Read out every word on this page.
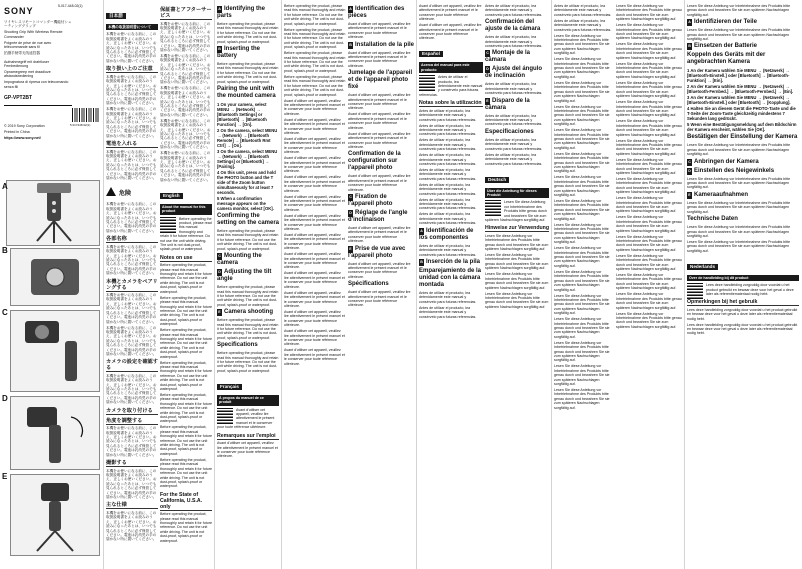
SONY
ワイヤレスリモートコマンダー機能付シューティンググリップ
Shooting Grip With Wireless Remote Commander
Poignée de prise de vue avec télécommande sans fil
拍摄手柄带无线遥控器
Aufnahmegriff mit drahtloser Fernbedienung
Opnamegreep met draadloze afstandsbediening
Impugnatura di ripresa con telecomando senza fili
GP-VPT2BT
© 2019 Sony Corporation
Printed in China
https://www.sony.net/
5-017-448-02(1)
5 017448 02(1)
B
C
D
E
A
日本語
本機の取扱説明書について
本機をお使いになる前に、この取扱説明書をよくお読みのうえ、正しくお使いください。お読みになったあとは、いつでも見られるところに必ず保管してください。電池は乳幼児の手の届かない所に置いてください。
取り扱い上のご注意
本機をお使いになる前に、この取扱説明書をよくお読みのうえ、正しくお使いください。お読みになったあとは、いつでも見られるところに必ず保管してください。電池は乳幼児の手の届かない所に置いてください。
本機をお使いになる前に、この取扱説明書をよくお読みのうえ、正しくお使いください。お読みになったあとは、いつでも見られるところに必ず保管してください。電池は乳幼児の手の届かない所に置いてください。
電池を入れる
本機をお使いになる前に、この取扱説明書をよくお読みのうえ、正しくお使いください。お読みになったあとは、いつでも見られるところに必ず保管してください。電池は乳幼児の手の届かない所に置いてください。
危険
本機をお使いになる前に、この取扱説明書をよくお読みのうえ、正しくお使いください。お読みになったあとは、いつでも見られるところに必ず保管してください。電池は乳幼児の手の届かない所に置いてください。
各部名称
本機をお使いになる前に、この取扱説明書をよくお読みのうえ、正しくお使いください。お読みになったあとは、いつでも見られるところに必ず保管してください。電池は乳幼児の手の届かない所に置いてください。
本機とカメラをペアリングする
本機をお使いになる前に、この取扱説明書をよくお読みのうえ、正しくお使いください。お読みになったあとは、いつでも見られるところに必ず保管してください。電池は乳幼児の手の届かない所に置いてください。
本機をお使いになる前に、この取扱説明書をよくお読みのうえ、正しくお使いください。お読みになったあとは、いつでも見られるところに必ず保管してください。電池は乳幼児の手の届かない所に置いてください。
カメラの設定を確認する
本機をお使いになる前に、この取扱説明書をよくお読みのうえ、正しくお使いください。お読みになったあとは、いつでも見られるところに必ず保管してください。電池は乳幼児の手の届かない所に置いてください。
カメラを取り付ける
角度を調整する
本機をお使いになる前に、この取扱説明書をよくお読みのうえ、正しくお使いください。お読みになったあとは、いつでも見られるところに必ず保管してください。電池は乳幼児の手の届かない所に置いてください。
撮影する
本機をお使いになる前に、この取扱説明書をよくお読みのうえ、正しくお使いください。お読みになったあとは、いつでも見られるところに必ず保管してください。電池は乳幼児の手の届かない所に置いてください。
主な仕様
本機をお使いになる前に、この取扱説明書をよくお読みのうえ、正しくお使いください。お読みになったあとは、いつでも見られるところに必ず保管してください。電池は乳幼児の手の届かない所に置いてください。
保証書とアフターサービス
本機をお使いになる前に、この取扱説明書をよくお読みのうえ、正しくお使いください。お読みになったあとは、いつでも見られるところに必ず保管してください。電池は乳幼児の手の届かない所に置いてください。
本機をお使いになる前に、この取扱説明書をよくお読みのうえ、正しくお使いください。お読みになったあとは、いつでも見られるところに必ず保管してください。電池は乳幼児の手の届かない所に置いてください。
本機をお使いになる前に、この取扱説明書をよくお読みのうえ、正しくお使いください。お読みになったあとは、いつでも見られるところに必ず保管してください。電池は乳幼児の手の届かない所に置いてください。
本機をお使いになる前に、この取扱説明書をよくお読みのうえ、正しくお使いください。お読みになったあとは、いつでも見られるところに必ず保管してください。電池は乳幼児の手の届かない所に置いてください。
本機をお使いになる前に、この取扱説明書をよくお読みのうえ、正しくお使いください。お読みになったあとは、いつでも見られるところに必ず保管してください。電池は乳幼児の手の届かない所に置いてください。
English
About the manual for this product
Before operating the product, please read this manual thoroughly and retain it for future reference. Do not use the unit while driving. The unit is not dust-proof, splash-proof or waterproof.
Notes on use
Before operating the product, please read this manual thoroughly and retain it for future reference. Do not use the unit while driving. The unit is not dust-proof, splash-proof or waterproof.
Before operating the product, please read this manual thoroughly and retain it for future reference. Do not use the unit while driving. The unit is not dust-proof, splash-proof or waterproof.
Before operating the product, please read this manual thoroughly and retain it for future reference. Do not use the unit while driving. The unit is not dust-proof, splash-proof or waterproof.
Before operating the product, please read this manual thoroughly and retain it for future reference. Do not use the unit while driving. The unit is not dust-proof, splash-proof or waterproof.
Before operating the product, please read this manual thoroughly and retain it for future reference. Do not use the unit while driving. The unit is not dust-proof, splash-proof or waterproof.
Before operating the product, please read this manual thoroughly and retain it for future reference. Do not use the unit while driving. The unit is not dust-proof, splash-proof or waterproof.
Before operating the product, please read this manual thoroughly and retain it for future reference. Do not use the unit while driving. The unit is not dust-proof, splash-proof or waterproof.
For the State of California, U.S.A. only
Before operating the product, please read this manual thoroughly and retain it for future reference. Do not use the unit while driving. The unit is not dust-proof, splash-proof or waterproof.
A Identifying the parts
Before operating the product, please read this manual thoroughly and retain it for future reference. Do not use the unit while driving. The unit is not dust-proof, splash-proof or waterproof.
B Inserting the battery
Before operating the product, please read this manual thoroughly and retain it for future reference. Do not use the unit while driving. The unit is not dust-proof, splash-proof or waterproof.
Pairing the unit with the mounted camera
1 On your camera, select MENU → (Network) → [Bluetooth Settings] or [Bluetooth] → [Bluetooth Function] → [On].
2 On the camera, select MENU → (Network) → [Bluetooth Remote] → [Bluetooth Rmt Ctrl] → [On].
3 On the camera, select MENU → (Network) → [Bluetooth Settings] or [Bluetooth] → [Pairing].
4 On this unit, press and hold the PHOTO button and the T side of the Zoom button simultaneously for at least 7 seconds.
5 When a confirmation message appears on the camera monitor, select [OK].
Confirming the setting on the camera
Before operating the product, please read this manual thoroughly and retain it for future reference. Do not use the unit while driving. The unit is not dust-proof, splash-proof or waterproof.
C Mounting the camera
D Adjusting the tilt angle
Before operating the product, please read this manual thoroughly and retain it for future reference. Do not use the unit while driving. The unit is not dust-proof, splash-proof or waterproof.
E Camera shooting
Before operating the product, please read this manual thoroughly and retain it for future reference. Do not use the unit while driving. The unit is not dust-proof, splash-proof or waterproof.
Specifications
Before operating the product, please read this manual thoroughly and retain it for future reference. Do not use the unit while driving. The unit is not dust-proof, splash-proof or waterproof.
Français
À propos du manuel de ce produit
Avant d'utiliser cet appareil, veuillez lire attentivement le présent manuel et le conserver pour toute référence ultérieure.
Remarques sur l'emploi
Avant d'utiliser cet appareil, veuillez lire attentivement le présent manuel et le conserver pour toute référence ultérieure.
Before operating the product, please read this manual thoroughly and retain it for future reference. Do not use the unit while driving. The unit is not dust-proof, splash-proof or waterproof.
Before operating the product, please read this manual thoroughly and retain it for future reference. Do not use the unit while driving. The unit is not dust-proof, splash-proof or waterproof.
Before operating the product, please read this manual thoroughly and retain it for future reference. Do not use the unit while driving. The unit is not dust-proof, splash-proof or waterproof.
Before operating the product, please read this manual thoroughly and retain it for future reference. Do not use the unit while driving. The unit is not dust-proof, splash-proof or waterproof.
Avant d'utiliser cet appareil, veuillez lire attentivement le présent manuel et le conserver pour toute référence ultérieure.
Avant d'utiliser cet appareil, veuillez lire attentivement le présent manuel et le conserver pour toute référence ultérieure.
Avant d'utiliser cet appareil, veuillez lire attentivement le présent manuel et le conserver pour toute référence ultérieure.
Avant d'utiliser cet appareil, veuillez lire attentivement le présent manuel et le conserver pour toute référence ultérieure.
Avant d'utiliser cet appareil, veuillez lire attentivement le présent manuel et le conserver pour toute référence ultérieure.
Avant d'utiliser cet appareil, veuillez lire attentivement le présent manuel et le conserver pour toute référence ultérieure.
Avant d'utiliser cet appareil, veuillez lire attentivement le présent manuel et le conserver pour toute référence ultérieure.
Avant d'utiliser cet appareil, veuillez lire attentivement le présent manuel et le conserver pour toute référence ultérieure.
Avant d'utiliser cet appareil, veuillez lire attentivement le présent manuel et le conserver pour toute référence ultérieure.
Avant d'utiliser cet appareil, veuillez lire attentivement le présent manuel et le conserver pour toute référence ultérieure.
Avant d'utiliser cet appareil, veuillez lire attentivement le présent manuel et le conserver pour toute référence ultérieure.
Avant d'utiliser cet appareil, veuillez lire attentivement le présent manuel et le conserver pour toute référence ultérieure.
Avant d'utiliser cet appareil, veuillez lire attentivement le présent manuel et le conserver pour toute référence ultérieure.
Avant d'utiliser cet appareil, veuillez lire attentivement le présent manuel et le conserver pour toute référence ultérieure.
A Identification des pièces
Avant d'utiliser cet appareil, veuillez lire attentivement le présent manuel et le conserver pour toute référence ultérieure.
B Installation de la pile
Avant d'utiliser cet appareil, veuillez lire attentivement le présent manuel et le conserver pour toute référence ultérieure.
Jumelage de l'appareil et de l'appareil photo fixé
Avant d'utiliser cet appareil, veuillez lire attentivement le présent manuel et le conserver pour toute référence ultérieure.
Avant d'utiliser cet appareil, veuillez lire attentivement le présent manuel et le conserver pour toute référence ultérieure.
Avant d'utiliser cet appareil, veuillez lire attentivement le présent manuel et le conserver pour toute référence ultérieure.
Confirmation de la configuration sur l'appareil photo
Avant d'utiliser cet appareil, veuillez lire attentivement le présent manuel et le conserver pour toute référence ultérieure.
C Fixation de l'appareil photo
D Réglage de l'angle d'inclinaison
Avant d'utiliser cet appareil, veuillez lire attentivement le présent manuel et le conserver pour toute référence ultérieure.
E Prise de vue avec l'appareil photo
Avant d'utiliser cet appareil, veuillez lire attentivement le présent manuel et le conserver pour toute référence ultérieure.
Spécifications
Avant d'utiliser cet appareil, veuillez lire attentivement le présent manuel et le conserver pour toute référence ultérieure.
Avant d'utiliser cet appareil, veuillez lire attentivement le présent manuel et le conserver pour toute référence ultérieure.
Avant d'utiliser cet appareil, veuillez lire attentivement le présent manuel et le conserver pour toute référence ultérieure.
Español
Acerca del manual para este producto
Antes de utilizar el producto, lea detenidamente este manual y consérvelo para futuras referencias.
Notas sobre la utilización
Antes de utilizar el producto, lea detenidamente este manual y consérvelo para futuras referencias.
Antes de utilizar el producto, lea detenidamente este manual y consérvelo para futuras referencias.
Antes de utilizar el producto, lea detenidamente este manual y consérvelo para futuras referencias.
Antes de utilizar el producto, lea detenidamente este manual y consérvelo para futuras referencias.
Antes de utilizar el producto, lea detenidamente este manual y consérvelo para futuras referencias.
Antes de utilizar el producto, lea detenidamente este manual y consérvelo para futuras referencias.
Antes de utilizar el producto, lea detenidamente este manual y consérvelo para futuras referencias.
Antes de utilizar el producto, lea detenidamente este manual y consérvelo para futuras referencias.
A Identificación de los componentes
Antes de utilizar el producto, lea detenidamente este manual y consérvelo para futuras referencias.
B Inserción de la pila
Emparejamiento de la unidad con la cámara montada
Antes de utilizar el producto, lea detenidamente este manual y consérvelo para futuras referencias.
Antes de utilizar el producto, lea detenidamente este manual y consérvelo para futuras referencias.
Antes de utilizar el producto, lea detenidamente este manual y consérvelo para futuras referencias.
Confirmación del ajuste de la cámara
Antes de utilizar el producto, lea detenidamente este manual y consérvelo para futuras referencias.
C Montaje de la cámara
D Ajuste del ángulo de inclinación
Antes de utilizar el producto, lea detenidamente este manual y consérvelo para futuras referencias.
E Disparo de la cámara
Antes de utilizar el producto, lea detenidamente este manual y consérvelo para futuras referencias.
Especificaciones
Antes de utilizar el producto, lea detenidamente este manual y consérvelo para futuras referencias.
Antes de utilizar el producto, lea detenidamente este manual y consérvelo para futuras referencias.
Deutsch
Über die Anleitung für dieses Produkt
Lesen Sie diese Anleitung vor Inbetriebnahme des Produkts bitte genau durch und bewahren Sie sie zum späteren Nachschlagen sorgfältig auf.
Hinweise zur Verwendung
Lesen Sie diese Anleitung vor Inbetriebnahme des Produkts bitte genau durch und bewahren Sie sie zum späteren Nachschlagen sorgfältig auf.
Lesen Sie diese Anleitung vor Inbetriebnahme des Produkts bitte genau durch und bewahren Sie sie zum späteren Nachschlagen sorgfältig auf.
Lesen Sie diese Anleitung vor Inbetriebnahme des Produkts bitte genau durch und bewahren Sie sie zum späteren Nachschlagen sorgfältig auf.
Lesen Sie diese Anleitung vor Inbetriebnahme des Produkts bitte genau durch und bewahren Sie sie zum späteren Nachschlagen sorgfältig auf.
Antes de utilizar el producto, lea detenidamente este manual y consérvelo para futuras referencias.
Antes de utilizar el producto, lea detenidamente este manual y consérvelo para futuras referencias.
Lesen Sie diese Anleitung vor Inbetriebnahme des Produkts bitte genau durch und bewahren Sie sie zum späteren Nachschlagen sorgfältig auf.
Lesen Sie diese Anleitung vor Inbetriebnahme des Produkts bitte genau durch und bewahren Sie sie zum späteren Nachschlagen sorgfältig auf.
Lesen Sie diese Anleitung vor Inbetriebnahme des Produkts bitte genau durch und bewahren Sie sie zum späteren Nachschlagen sorgfältig auf.
Lesen Sie diese Anleitung vor Inbetriebnahme des Produkts bitte genau durch und bewahren Sie sie zum späteren Nachschlagen sorgfältig auf.
Lesen Sie diese Anleitung vor Inbetriebnahme des Produkts bitte genau durch und bewahren Sie sie zum späteren Nachschlagen sorgfältig auf.
Lesen Sie diese Anleitung vor Inbetriebnahme des Produkts bitte genau durch und bewahren Sie sie zum späteren Nachschlagen sorgfältig auf.
Lesen Sie diese Anleitung vor Inbetriebnahme des Produkts bitte genau durch und bewahren Sie sie zum späteren Nachschlagen sorgfältig auf.
Lesen Sie diese Anleitung vor Inbetriebnahme des Produkts bitte genau durch und bewahren Sie sie zum späteren Nachschlagen sorgfältig auf.
Lesen Sie diese Anleitung vor Inbetriebnahme des Produkts bitte genau durch und bewahren Sie sie zum späteren Nachschlagen sorgfältig auf.
Lesen Sie diese Anleitung vor Inbetriebnahme des Produkts bitte genau durch und bewahren Sie sie zum späteren Nachschlagen sorgfältig auf.
Lesen Sie diese Anleitung vor Inbetriebnahme des Produkts bitte genau durch und bewahren Sie sie zum späteren Nachschlagen sorgfältig auf.
Lesen Sie diese Anleitung vor Inbetriebnahme des Produkts bitte genau durch und bewahren Sie sie zum späteren Nachschlagen sorgfältig auf.
Lesen Sie diese Anleitung vor Inbetriebnahme des Produkts bitte genau durch und bewahren Sie sie zum späteren Nachschlagen sorgfältig auf.
Lesen Sie diese Anleitung vor Inbetriebnahme des Produkts bitte genau durch und bewahren Sie sie zum späteren Nachschlagen sorgfältig auf.
Lesen Sie diese Anleitung vor Inbetriebnahme des Produkts bitte genau durch und bewahren Sie sie zum späteren Nachschlagen sorgfältig auf.
Lesen Sie diese Anleitung vor Inbetriebnahme des Produkts bitte genau durch und bewahren Sie sie zum späteren Nachschlagen sorgfältig auf.
Lesen Sie diese Anleitung vor Inbetriebnahme des Produkts bitte genau durch und bewahren Sie sie zum späteren Nachschlagen sorgfältig auf.
Lesen Sie diese Anleitung vor Inbetriebnahme des Produkts bitte genau durch und bewahren Sie sie zum späteren Nachschlagen sorgfältig auf.
Lesen Sie diese Anleitung vor Inbetriebnahme des Produkts bitte genau durch und bewahren Sie sie zum späteren Nachschlagen sorgfältig auf.
Lesen Sie diese Anleitung vor Inbetriebnahme des Produkts bitte genau durch und bewahren Sie sie zum späteren Nachschlagen sorgfältig auf.
Lesen Sie diese Anleitung vor Inbetriebnahme des Produkts bitte genau durch und bewahren Sie sie zum späteren Nachschlagen sorgfältig auf.
Lesen Sie diese Anleitung vor Inbetriebnahme des Produkts bitte genau durch und bewahren Sie sie zum späteren Nachschlagen sorgfältig auf.
Lesen Sie diese Anleitung vor Inbetriebnahme des Produkts bitte genau durch und bewahren Sie sie zum späteren Nachschlagen sorgfältig auf.
Lesen Sie diese Anleitung vor Inbetriebnahme des Produkts bitte genau durch und bewahren Sie sie zum späteren Nachschlagen sorgfältig auf.
Lesen Sie diese Anleitung vor Inbetriebnahme des Produkts bitte genau durch und bewahren Sie sie zum späteren Nachschlagen sorgfältig auf.
Lesen Sie diese Anleitung vor Inbetriebnahme des Produkts bitte genau durch und bewahren Sie sie zum späteren Nachschlagen sorgfältig auf.
Lesen Sie diese Anleitung vor Inbetriebnahme des Produkts bitte genau durch und bewahren Sie sie zum späteren Nachschlagen sorgfältig auf.
Lesen Sie diese Anleitung vor Inbetriebnahme des Produkts bitte genau durch und bewahren Sie sie zum späteren Nachschlagen sorgfältig auf.
Lesen Sie diese Anleitung vor Inbetriebnahme des Produkts bitte genau durch und bewahren Sie sie zum späteren Nachschlagen sorgfältig auf.
Lesen Sie diese Anleitung vor Inbetriebnahme des Produkts bitte genau durch und bewahren Sie sie zum späteren Nachschlagen sorgfältig auf.
Lesen Sie diese Anleitung vor Inbetriebnahme des Produkts bitte genau durch und bewahren Sie sie zum späteren Nachschlagen sorgfältig auf.
Lesen Sie diese Anleitung vor Inbetriebnahme des Produkts bitte genau durch und bewahren Sie sie zum späteren Nachschlagen sorgfältig auf.
Lesen Sie diese Anleitung vor Inbetriebnahme des Produkts bitte genau durch und bewahren Sie sie zum späteren Nachschlagen sorgfältig auf.
Lesen Sie diese Anleitung vor Inbetriebnahme des Produkts bitte genau durch und bewahren Sie sie zum späteren Nachschlagen sorgfältig auf.
A Identifizieren der Teile
Lesen Sie diese Anleitung vor Inbetriebnahme des Produkts bitte genau durch und bewahren Sie sie zum späteren Nachschlagen sorgfältig auf.
B Einsetzen der Batterie
Koppeln des Geräts mit der angebrachten Kamera
1 An der Kamera wählen Sie MENU → (Netzwerk) → [Bluetooth-Einstell.] oder [Bluetooth] → [Bluetooth-Funktion] → [Ein].
2 An der Kamera wählen Sie MENU → (Netzwerk) → [Bluetooth-Fernbed.] → [Bluetooth-Fernbed.] → [Ein].
3 An der Kamera wählen Sie MENU → (Netzwerk) → [Bluetooth-Einstell.] oder [Bluetooth] → [Kopplung].
4 Halten Sie an diesem Gerät die PHOTO-Taste und die T-Seite der Zoom-Taste gleichzeitig mindestens 7 Sekunden lang gedrückt.
5 Wenn eine Bestätigungsmeldung auf dem Bildschirm der Kamera erscheint, wählen Sie [OK].
Bestätigen der Einstellung der Kamera
Lesen Sie diese Anleitung vor Inbetriebnahme des Produkts bitte genau durch und bewahren Sie sie zum späteren Nachschlagen sorgfältig auf.
C Anbringen der Kamera
D Einstellen des Neigewinkels
Lesen Sie diese Anleitung vor Inbetriebnahme des Produkts bitte genau durch und bewahren Sie sie zum späteren Nachschlagen sorgfältig auf.
E Kameraaufnahmen
Lesen Sie diese Anleitung vor Inbetriebnahme des Produkts bitte genau durch und bewahren Sie sie zum späteren Nachschlagen sorgfältig auf.
Technische Daten
Lesen Sie diese Anleitung vor Inbetriebnahme des Produkts bitte genau durch und bewahren Sie sie zum späteren Nachschlagen sorgfältig auf.
Lesen Sie diese Anleitung vor Inbetriebnahme des Produkts bitte genau durch und bewahren Sie sie zum späteren Nachschlagen sorgfältig auf.
Nederlands
Over de handleiding bij dit product
Lees deze handleiding zorgvuldig door voordat u het product gebruikt en bewaar deze voor het geval u deze later als referentiemateriaal nodig hebt.
Opmerkingen bij het gebruik
Lees deze handleiding zorgvuldig door voordat u het product gebruikt en bewaar deze voor het geval u deze later als referentiemateriaal nodig hebt.
Lees deze handleiding zorgvuldig door voordat u het product gebruikt en bewaar deze voor het geval u deze later als referentiemateriaal nodig hebt.
